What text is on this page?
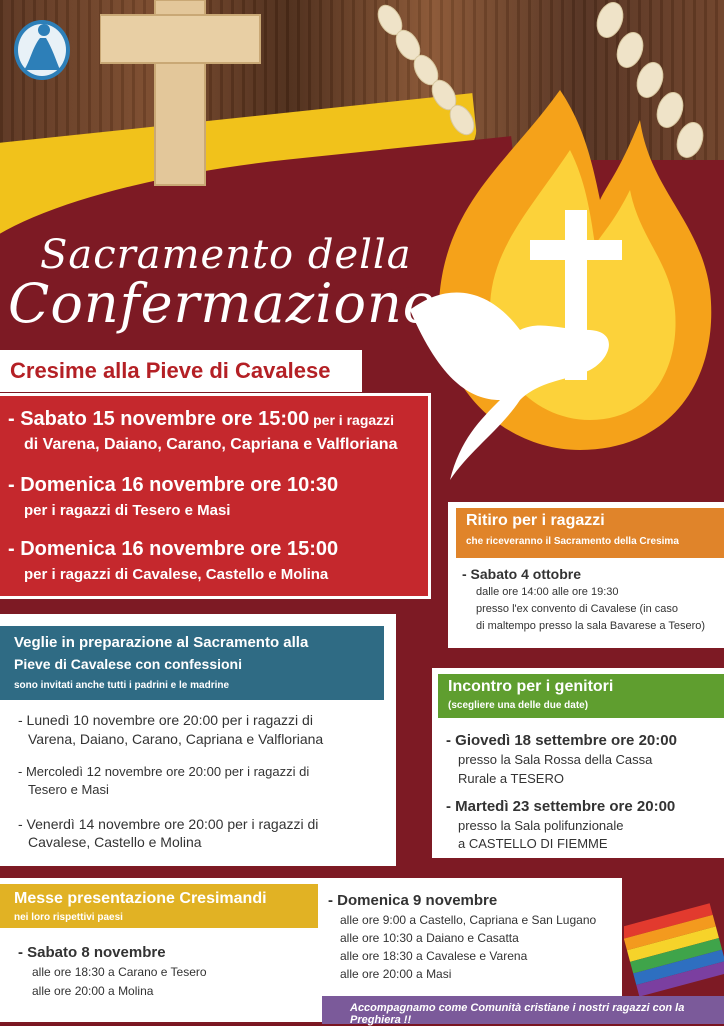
Sacramento della
Confermazione
Cresime alla Pieve di Cavalese
- Sabato 15 novembre ore 15:00 per i ragazzi
di Varena, Daiano, Carano, Capriana e Valfloriana
- Domenica 16 novembre ore 10:30
per i ragazzi di Tesero e Masi
- Domenica 16 novembre ore 15:00
per i ragazzi di Cavalese, Castello e Molina
Ritiro per i ragazzi
che riceveranno il Sacramento della Cresima
- Sabato 4 ottobre
dalle ore 14:00 alle ore 19:30
presso l'ex convento di Cavalese (in caso
di maltempo presso la sala Bavarese a Tesero)
Veglie in preparazione al Sacramento alla
Pieve di Cavalese con confessioni
sono invitati anche tutti i padrini e le madrine
- Lunedì 10 novembre ore 20:00 per i ragazzi di
Varena, Daiano, Carano, Capriana e Valfloriana
- Mercoledì 12 novembre ore 20:00 per i ragazzi di
Tesero e Masi
- Venerdì 14 novembre ore 20:00 per i ragazzi di
Cavalese, Castello e Molina
Incontro per i genitori
(scegliere una delle due date)
- Giovedì 18 settembre ore 20:00
presso la Sala Rossa della Cassa
Rurale a TESERO
- Martedì 23 settembre ore 20:00
presso la Sala polifunzionale
a CASTELLO DI FIEMME
Messe presentazione Cresimandi
nei loro rispettivi paesi
- Sabato 8 novembre
alle ore 18:30 a Carano e Tesero
alle ore 20:00 a Molina
- Domenica 9 novembre
alle ore 9:00 a Castello, Capriana e San Lugano
alle ore 10:30 a Daiano e Casatta
alle ore 18:30 a Cavalese e Varena
alle ore 20:00 a Masi
Accompagnamo come Comunità cristiane i nostri ragazzi con la Preghiera !!
